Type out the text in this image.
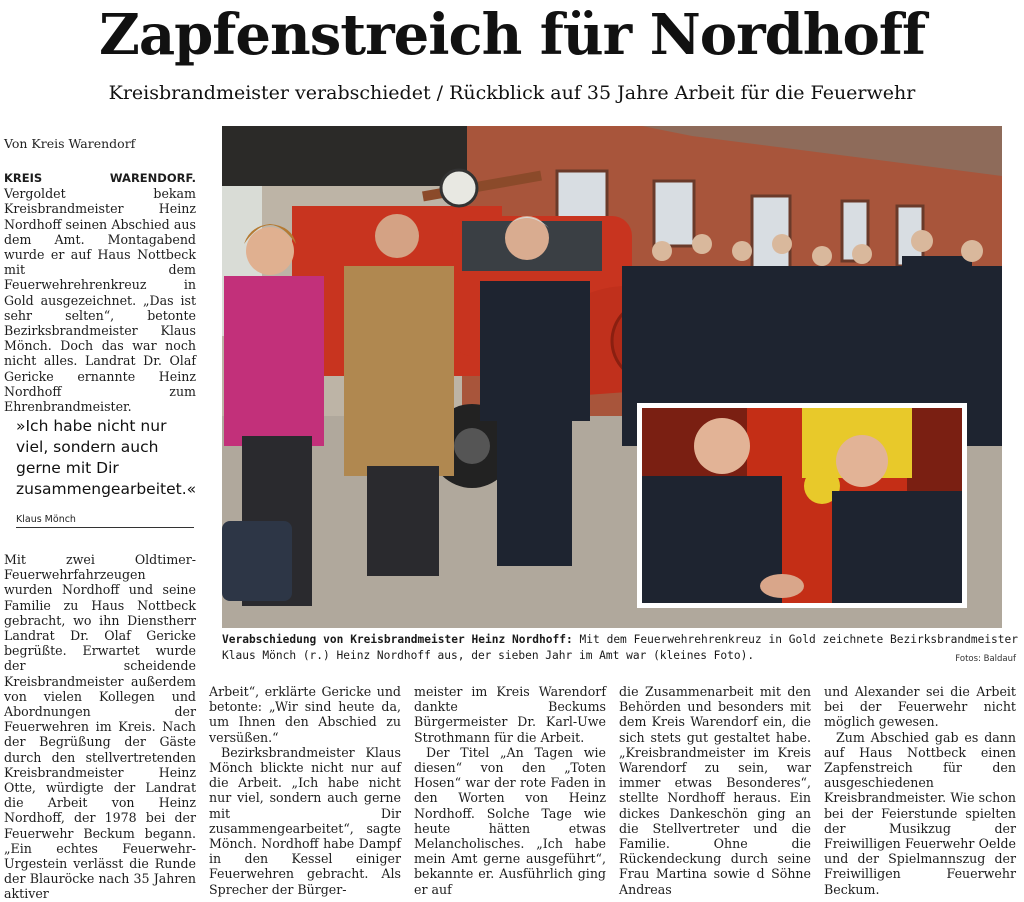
Zapfenstreich für Nordhoff
Kreisbrandmeister verabschiedet / Rückblick auf 35 Jahre Arbeit für die Feuerwehr
Von Kreis Warendorf

KREIS WARENDORF. Vergoldet bekam Kreisbrandmeister Heinz Nordhoff seinen Abschied aus dem Amt. Montagabend wurde er auf Haus Nottbeck mit dem Feuerwehrehrenkreuz in Gold ausgezeichnet. „Das ist sehr selten“, betonte Bezirksbrandmeister Klaus Mönch. Doch das war noch nicht alles. Landrat Dr. Olaf Gericke ernannte Heinz Nordhoff zum Ehrenbrandmeister.

»Ich habe nicht nur viel, sondern auch gerne mit Dir zusammengearbeitet.«
Klaus Mönch

Mit zwei Oldtimer-Feuerwehrfahrzeugen wurden Nordhoff und seine Familie zu Haus Nottbeck gebracht, wo ihn Dienstherr Landrat Dr. Olaf Gericke begrüßte. Erwartet wurde der scheidende Kreisbrandmeister außerdem von vielen Kollegen und Abordnungen der Feuerwehren im Kreis. Nach der Begrüßung der Gäste durch den stellvertretenden Kreisbrandmeister Heinz Otte, würdigte der Landrat die Arbeit von Heinz Nordhoff, der 1978 bei der Feuerwehr Beckum begann. „Ein echtes Feuerwehr-Urgestein verlässt die Runde der Blauröcke nach 35 Jahren aktiver

Verabschiedung von Kreisbrandmeister Heinz Nordhoff: Mit dem Feuerwehrehrenkreuz in Gold zeichnete Bezirksbrandmeister Klaus Mönch (r.) Heinz Nordhoff aus, der sieben Jahr im Amt war (kleines Foto).	Fotos: Baldauf

Arbeit“, erklärte Gericke und betonte: „Wir sind heute da, um Ihnen den Abschied zu versüßen.“

Bezirksbrandmeister Klaus Mönch blickte nicht nur auf die Arbeit. „Ich habe nicht nur viel, sondern auch gerne mit Dir zusammengearbeitet“, sagte Mönch. Nordhoff habe Dampf in den Kessel einiger Feuerwehren gebracht. Als Sprecher der Bürger-

meister im Kreis Warendorf dankte Beckums Bürgermeister Dr. Karl-Uwe Strothmann für die Arbeit.

Der Titel „An Tagen wie diesen“ von den „Toten Hosen“ war der rote Faden in den Worten von Heinz Nordhoff. Solche Tage wie heute hätten etwas Melancholisches. „Ich habe mein Amt gerne ausgeführt“, bekannte er. Ausführlich ging er auf

die Zusammenarbeit mit den Behörden und besonders mit dem Kreis Warendorf ein, die sich stets gut gestaltet habe. „Kreisbrandmeister im Kreis Warendorf zu sein, war immer etwas Besonderes“, stellte Nordhoff heraus. Ein dickes Dankeschön ging an die Stellvertreter und die Familie. Ohne die Rückendeckung durch seine Frau Martina sowie d Söhne Andreas

und Alexander sei die Arbeit bei der Feuerwehr nicht möglich gewesen.

Zum Abschied gab es dann auf Haus Nottbeck einen Zapfenstreich für den ausgeschiedenen Kreisbrandmeister. Wie schon bei der Feierstunde spielten der Musikzug der Freiwilligen Feuerwehr Oelde und der Spielmannszug der Freiwilligen Feuerwehr Beckum.
